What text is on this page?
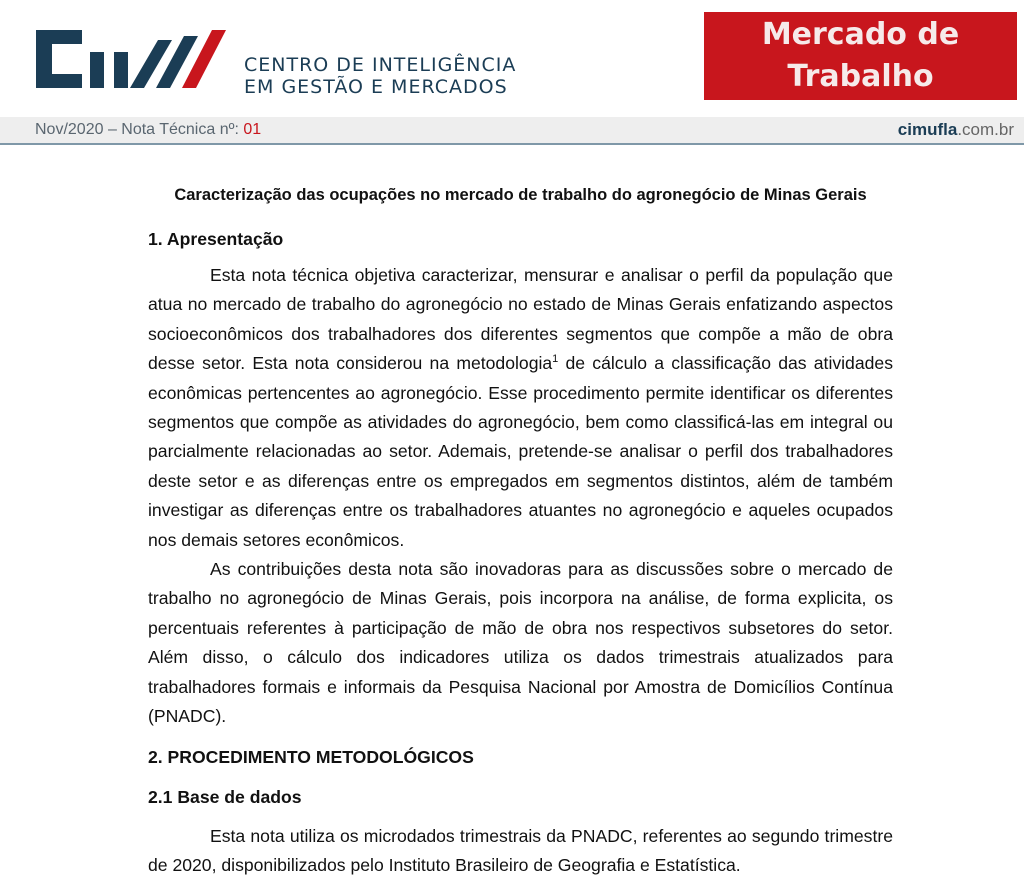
CENTRO DE INTELIGÊNCIA
EM GESTÃO E MERCADOS
Mercado de
Trabalho
Nov/2020 – Nota Técnica nº: 01	cimufla.com.br
Caracterização das ocupações no mercado de trabalho do agronegócio de Minas Gerais
1. Apresentação

Esta nota técnica objetiva caracterizar, mensurar e analisar o perfil da população que atua no mercado de trabalho do agronegócio no estado de Minas Gerais enfatizando aspectos socioeconômicos dos trabalhadores dos diferentes segmentos que compõe a mão de obra desse setor. Esta nota considerou na metodologia$^1$ de cálculo a classificação das atividades econômicas pertencentes ao agronegócio. Esse procedimento permite identificar os diferentes segmentos que compõe as atividades do agronegócio, bem como classificá-las em integral ou parcialmente relacionadas ao setor. Ademais, pretende-se analisar o perfil dos trabalhadores deste setor e as diferenças entre os empregados em segmentos distintos, além de também investigar as diferenças entre os trabalhadores atuantes no agronegócio e aqueles ocupados nos demais setores econômicos.

As contribuições desta nota são inovadoras para as discussões sobre o mercado de trabalho no agronegócio de Minas Gerais, pois incorpora na análise, de forma explicita, os percentuais referentes à participação de mão de obra nos respectivos subsetores do setor. Além disso, o cálculo dos indicadores utiliza os dados trimestrais atualizados para trabalhadores formais e informais da Pesquisa Nacional por Amostra de Domicílios Contínua (PNADC).

2. PROCEDIMENTO METODOLÓGICOS
2.1 Base de dados

Esta nota utiliza os microdados trimestrais da PNADC, referentes ao segundo trimestre de 2020, disponibilizados pelo Instituto Brasileiro de Geografia e Estatística.
